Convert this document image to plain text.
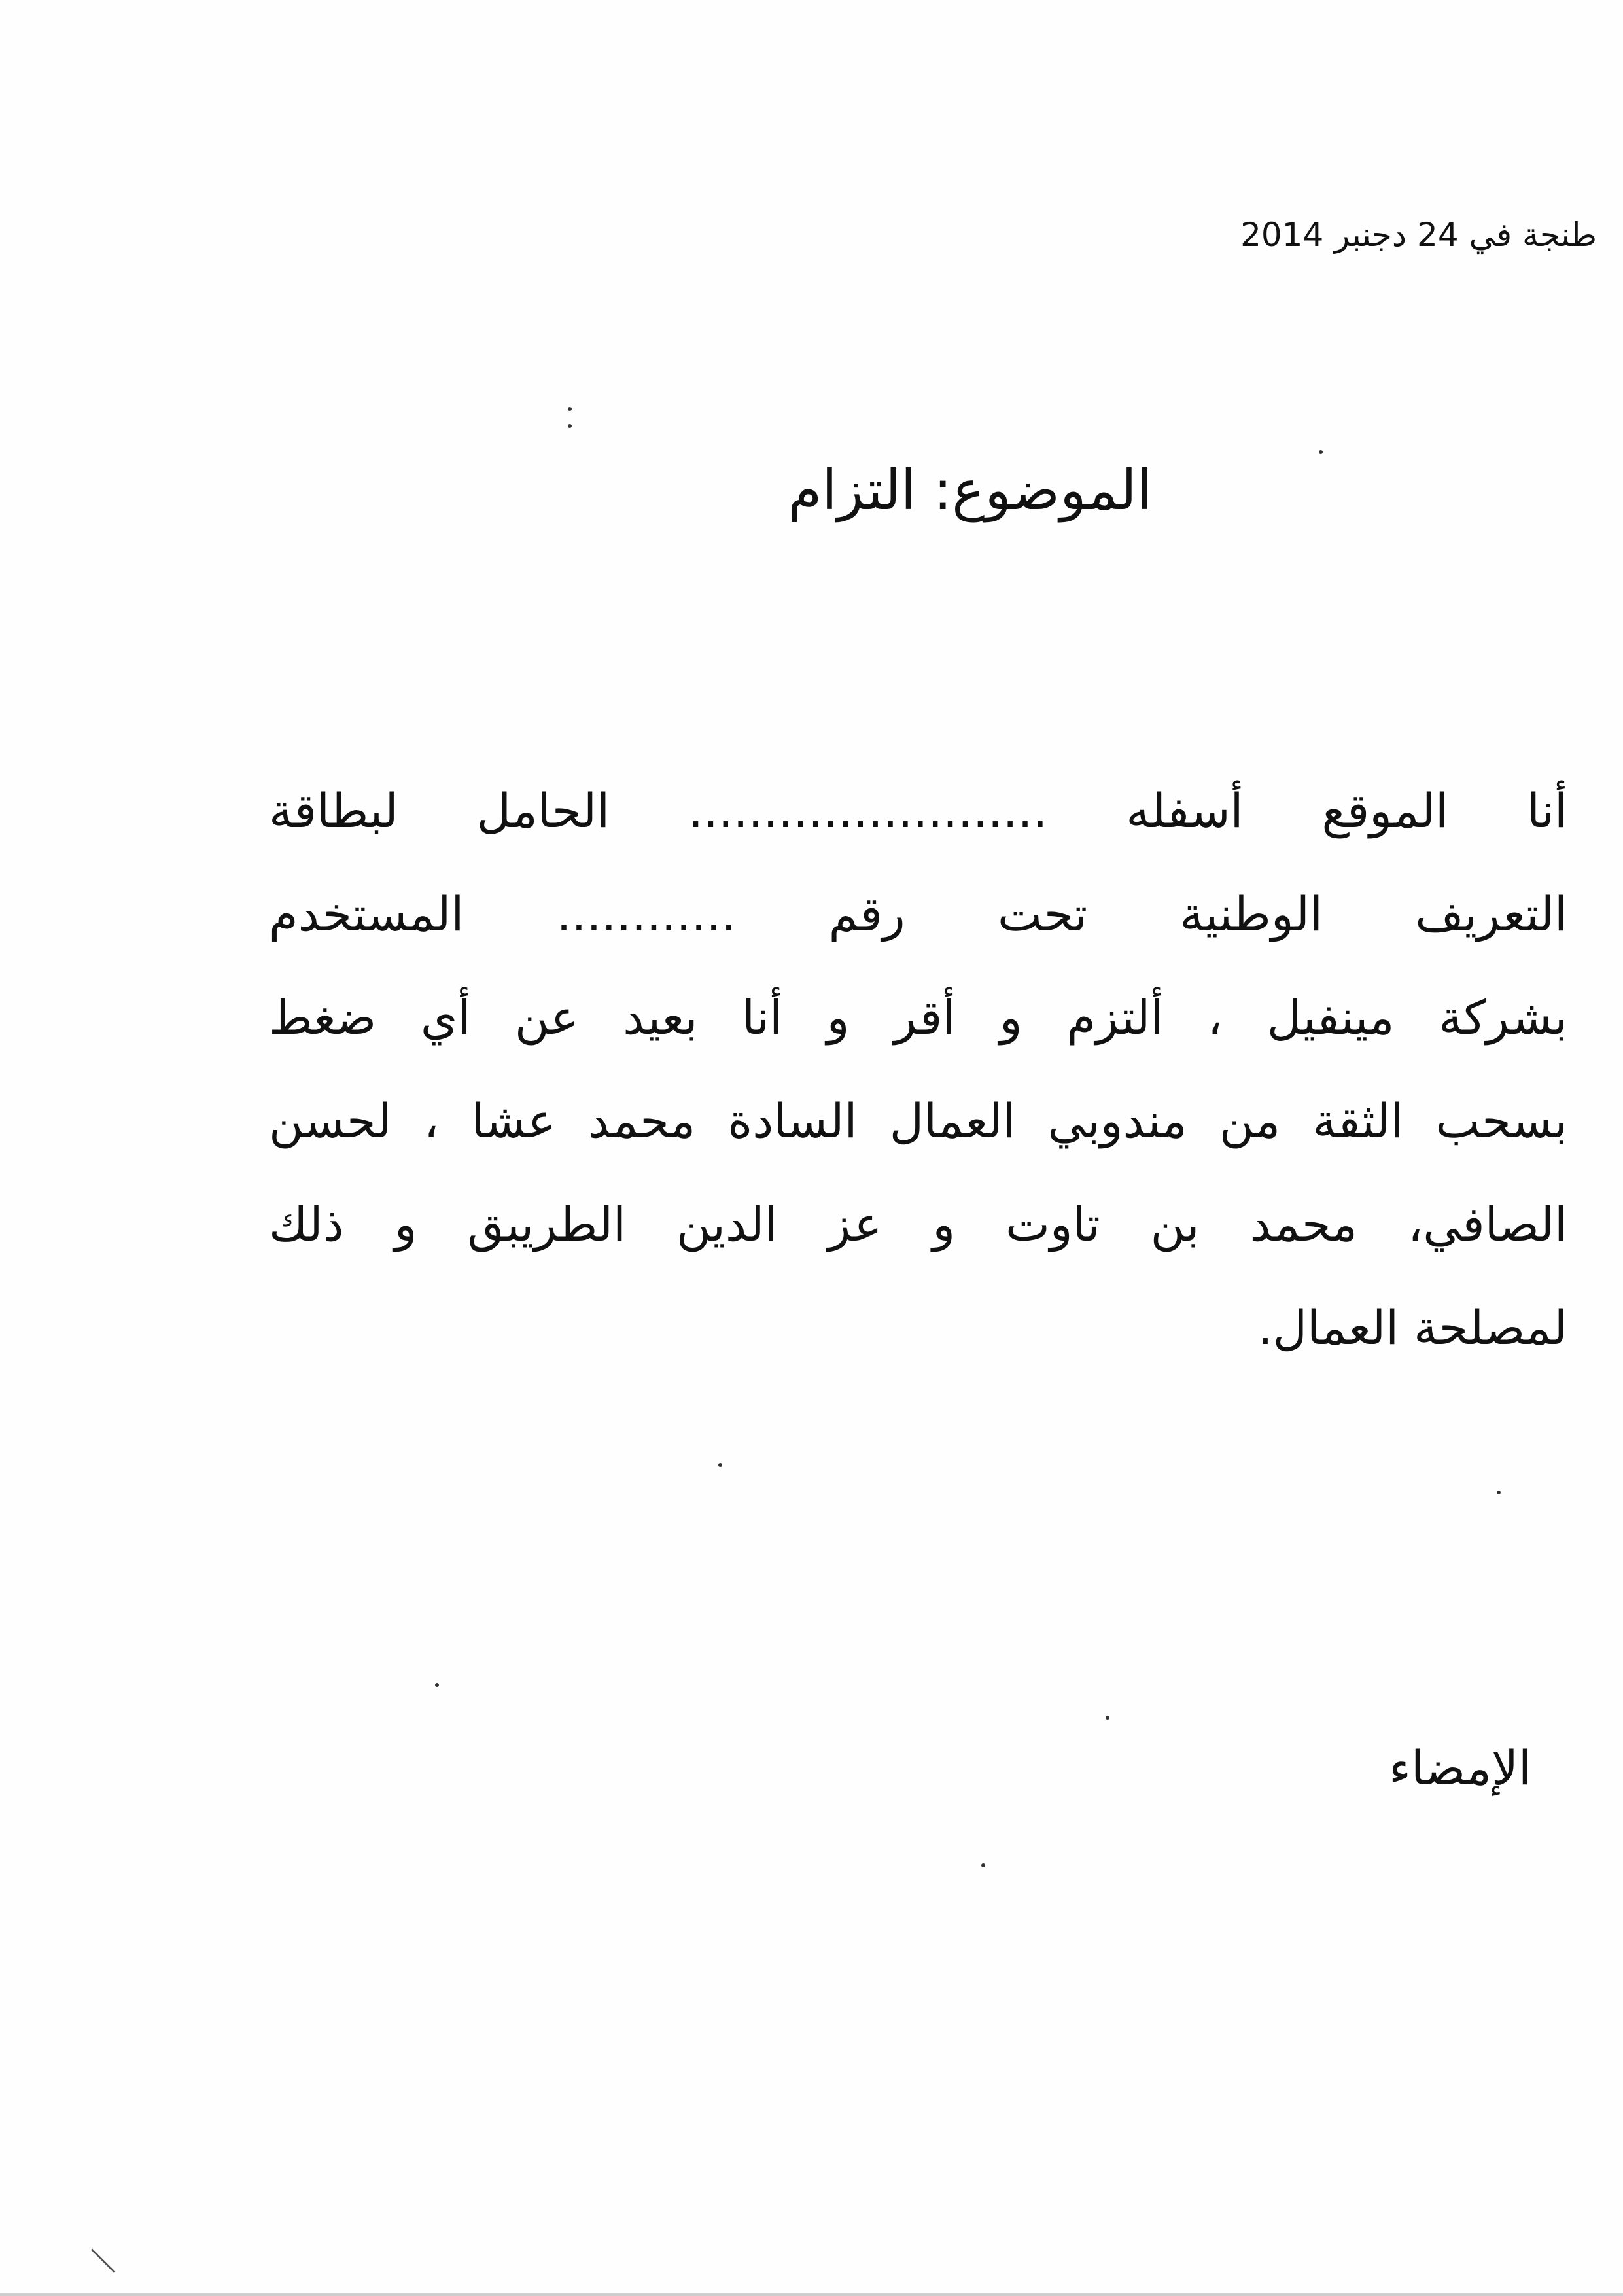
طنجة في 24 دجنبر 2014
الموضوع: التزام
أنا الموقع أسفله ........................ الحامل لبطاقة
التعريف الوطنية تحت رقم ............ المستخدم
بشركة مينفيل ، ألتزم و أقر و أنا بعيد عن أي ضغط
بسحب الثقة من مندوبي العمال السادة محمد عشا ، لحسن
الصافي، محمد بن تاوت و عز الدين الطريبق و ذلك
لمصلحة العمال.
الإمضاء
